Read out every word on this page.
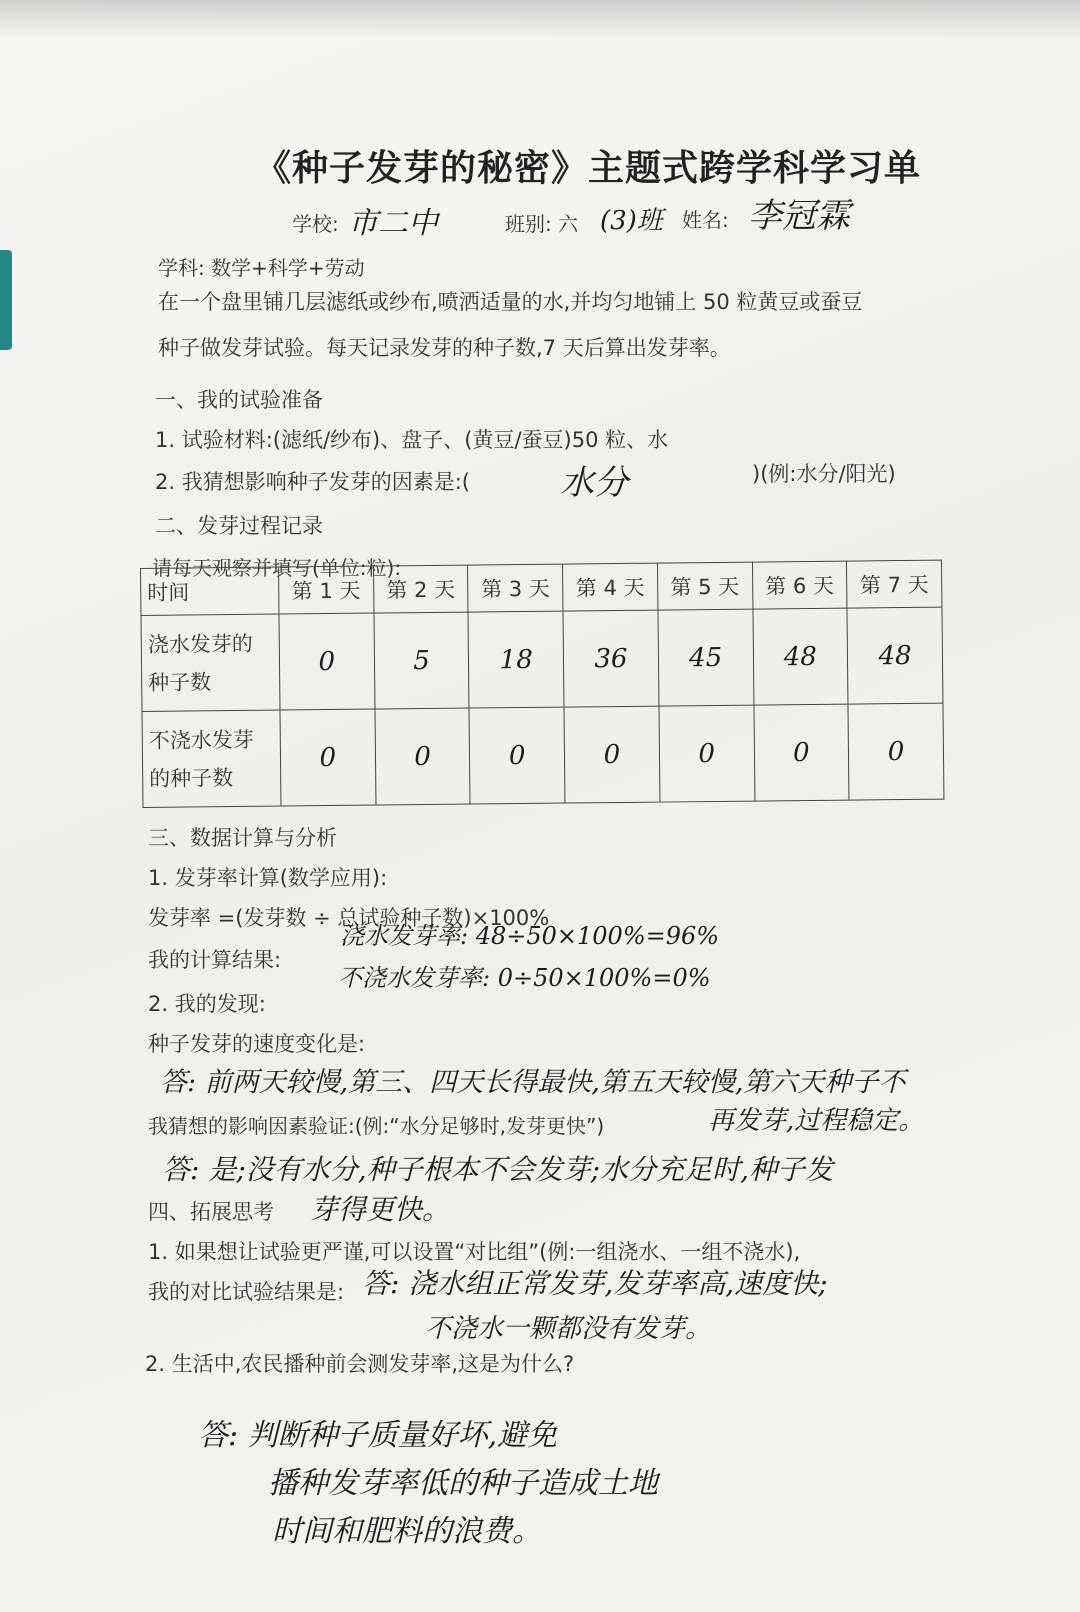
《种子发芽的秘密》主题式跨学科学习单
学校: 市二中	班别: 六 (3)班 姓名: 李冠霖
学科: 数学+科学+劳动
在一个盘里铺几层滤纸或纱布,喷洒适量的水,并均匀地铺上 50 粒黄豆或蚕豆
种子做发芽试验。每天记录发芽的种子数,7 天后算出发芽率。
一、我的试验准备
1. 试验材料:(滤纸/纱布)、盘子、(黄豆/蚕豆)50 粒、水
2. 我猜想影响种子发芽的因素是:(	水分	)(例:水分/阳光)
二、发芽过程记录
请每天观察并填写(单位:粒):
时间	第 1 天	第 2 天	第 3 天	第 4 天	第 5 天	第 6 天	第 7 天
浇水发芽的
种子数	0	5	18	36	45	48	48
不浇水发芽
的种子数	0	0	0	0	0	0	0
三、数据计算与分析
1. 发芽率计算(数学应用):
发芽率 =(发芽数 ÷ 总试验种子数)×100%
我的计算结果:
浇水发芽率: 48÷50×100%=96%
不浇水发芽率: 0÷50×100%=0%
2. 我的发现:
种子发芽的速度变化是:
答: 前两天较慢,第三、四天长得最快,第五天较慢,第六天种子不
再发芽,过程稳定。
我猜想的影响因素验证:(例:“水分足够时,发芽更快”)
答: 是;没有水分,种子根本不会发芽;水分充足时,种子发
四、拓展思考 芽得更快。
1. 如果想让试验更严谨,可以设置“对比组”(例:一组浇水、一组不浇水),
我的对比试验结果是: 答: 浇水组正常发芽,发芽率高,速度快;
不浇水一颗都没有发芽。
2. 生活中,农民播种前会测发芽率,这是为什么?
答: 判断种子质量好坏,避免
播种发芽率低的种子造成土地
时间和肥料的浪费。
